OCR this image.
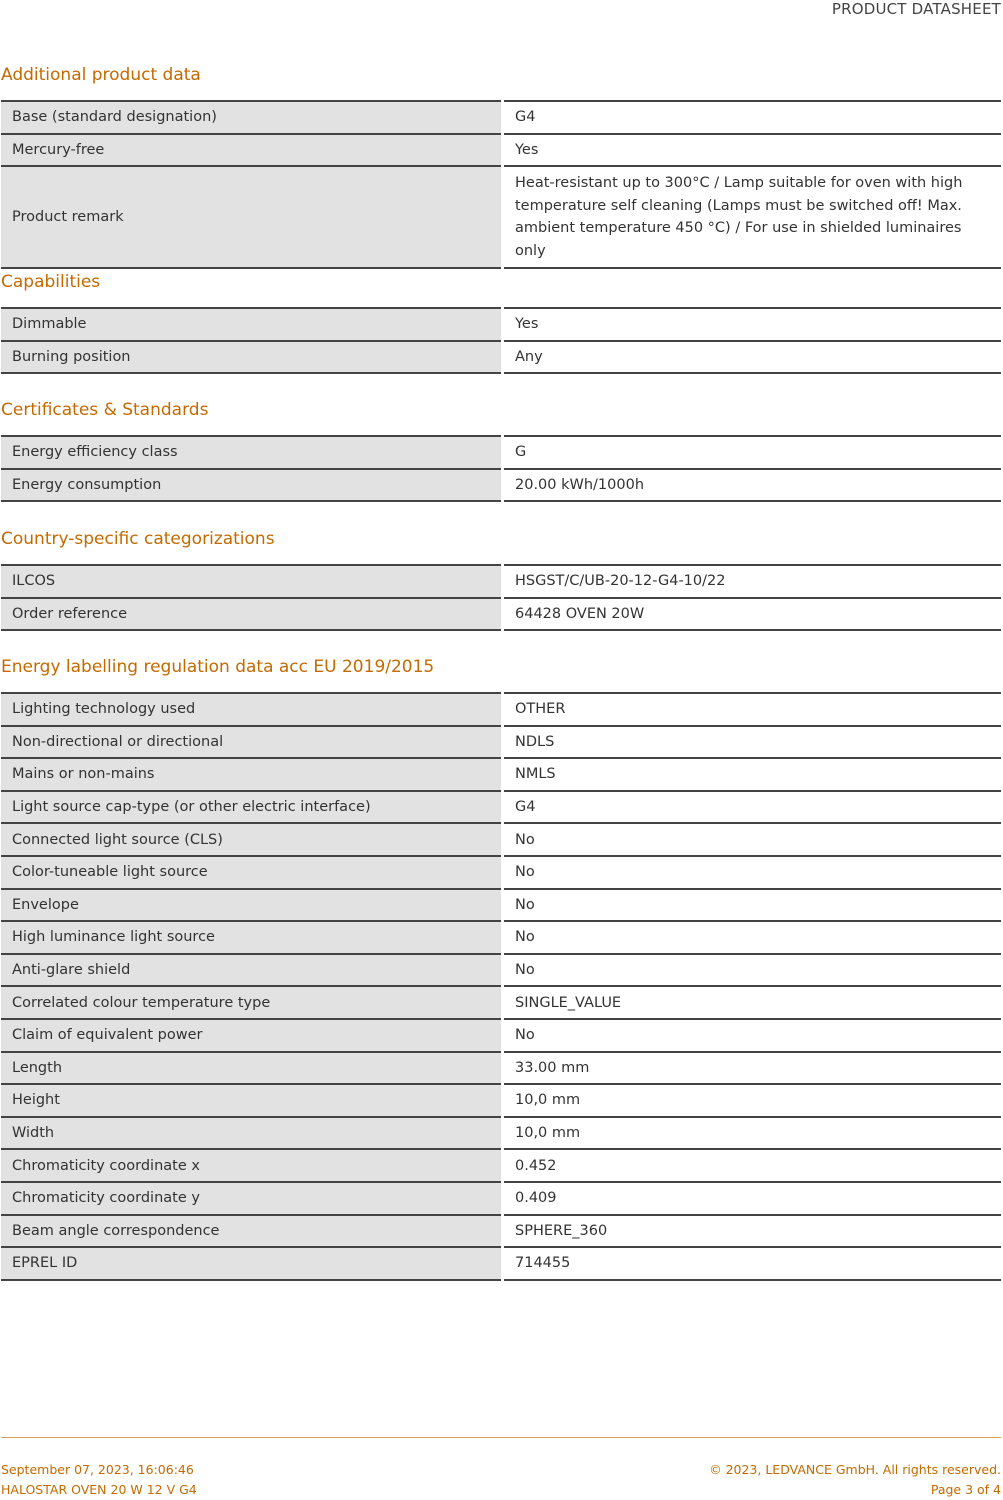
PRODUCT DATASHEET
Additional product data
Base (standard designation)	G4
Mercury-free	Yes
Product remark	Heat-resistant up to 300°C / Lamp suitable for oven with high temperature self cleaning (Lamps must be switched off! Max. ambient temperature 450 °C) / For use in shielded luminaires only
Capabilities
Dimmable	Yes
Burning position	Any
Certificates & Standards
Energy efficiency class	G
Energy consumption	20.00 kWh/1000h
Country-specific categorizations
ILCOS	HSGST/C/UB-20-12-G4-10/22
Order reference	64428 OVEN 20W
Energy labelling regulation data acc EU 2019/2015
Lighting technology used	OTHER
Non-directional or directional	NDLS
Mains or non-mains	NMLS
Light source cap-type (or other electric interface)	G4
Connected light source (CLS)	No
Color-tuneable light source	No
Envelope	No
High luminance light source	No
Anti-glare shield	No
Correlated colour temperature type	SINGLE_VALUE
Claim of equivalent power	No
Length	33.00 mm
Height	10,0 mm
Width	10,0 mm
Chromaticity coordinate x	0.452
Chromaticity coordinate y	0.409
Beam angle correspondence	SPHERE_360
EPREL ID	714455
September 07, 2023, 16:06:46
HALOSTAR OVEN 20 W 12 V G4
© 2023, LEDVANCE GmbH. All rights reserved.
Page 3 of 4
